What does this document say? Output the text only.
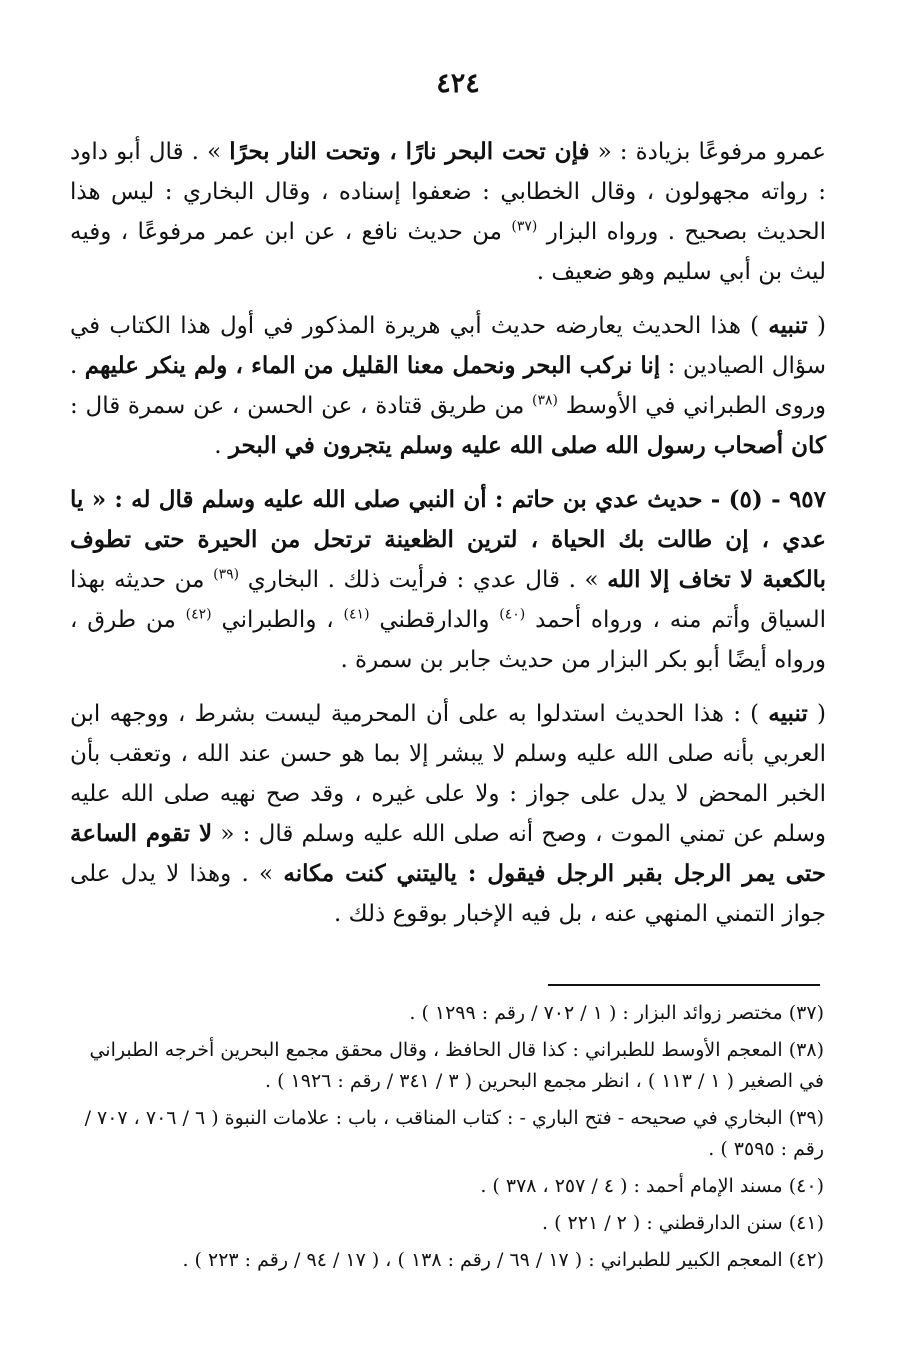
٤٢٤

عمرو مرفوعًا بزيادة : « فإن تحت البحر نارًا ، وتحت النار بحرًا » . قال أبو داود : رواته مجهولون ، وقال الخطابي : ضعفوا إسناده ، وقال البخاري : ليس هذا الحديث بصحيح . ورواه البزار $^{(٣٧)}$ من حديث نافع ، عن ابن عمر مرفوعًا ، وفيه ليث بن أبي سليم وهو ضعيف .

( تنبيه ) هذا الحديث يعارضه حديث أبي هريرة المذكور في أول هذا الكتاب في سؤال الصيادين : إنا نركب البحر ونحمل معنا القليل من الماء ، ولم ينكر عليهم . وروى الطبراني في الأوسط $^{(٣٨)}$ من طريق قتادة ، عن الحسن ، عن سمرة قال : كان أصحاب رسول الله صلى الله عليه وسلم يتجرون في البحر .

٩٥٧ - (٥) - حديث عدي بن حاتم : أن النبي صلى الله عليه وسلم قال له : « يا عدي ، إن طالت بك الحياة ، لترين الظعينة ترتحل من الحيرة حتى تطوف بالكعبة لا تخاف إلا الله » . قال عدي : فرأيت ذلك . البخاري $^{(٣٩)}$ من حديثه بهذا السياق وأتم منه ، ورواه أحمد $^{(٤٠)}$ والدارقطني $^{(٤١)}$ ، والطبراني $^{(٤٢)}$ من طرق ، ورواه أيضًا أبو بكر البزار من حديث جابر بن سمرة .

( تنبيه ) : هذا الحديث استدلوا به على أن المحرمية ليست بشرط ، ووجهه ابن العربي بأنه صلى الله عليه وسلم لا يبشر إلا بما هو حسن عند الله ، وتعقب بأن الخبر المحض لا يدل على جواز : ولا على غيره ، وقد صح نهيه صلى الله عليه وسلم عن تمني الموت ، وصح أنه صلى الله عليه وسلم قال : « لا تقوم الساعة حتى يمر الرجل بقبر الرجل فيقول : ياليتني كنت مكانه » . وهذا لا يدل على جواز التمني المنهي عنه ، بل فيه الإخبار بوقوع ذلك .

(٣٧) مختصر زوائد البزار : ( ١ / ٧٠٢ / رقم : ١٢٩٩ ) .
(٣٨) المعجم الأوسط للطبراني : كذا قال الحافظ ، وقال محقق مجمع البحرين أخرجه الطبراني في الصغير ( ١ / ١١٣ ) ، انظر مجمع البحرين ( ٣ / ٣٤١ / رقم : ١٩٢٦ ) .
(٣٩) البخاري في صحيحه - فتح الباري - : كتاب المناقب ، باب : علامات النبوة ( ٦ / ٧٠٦ ، ٧٠٧ / رقم : ٣٥٩٥ ) .
(٤٠) مسند الإمام أحمد : ( ٤ / ٢٥٧ ، ٣٧٨ ) .
(٤١) سنن الدارقطني : ( ٢ / ٢٢١ ) .
(٤٢) المعجم الكبير للطبراني : ( ١٧ / ٦٩ / رقم : ١٣٨ ) ، ( ١٧ / ٩٤ / رقم : ٢٢٣ ) .
